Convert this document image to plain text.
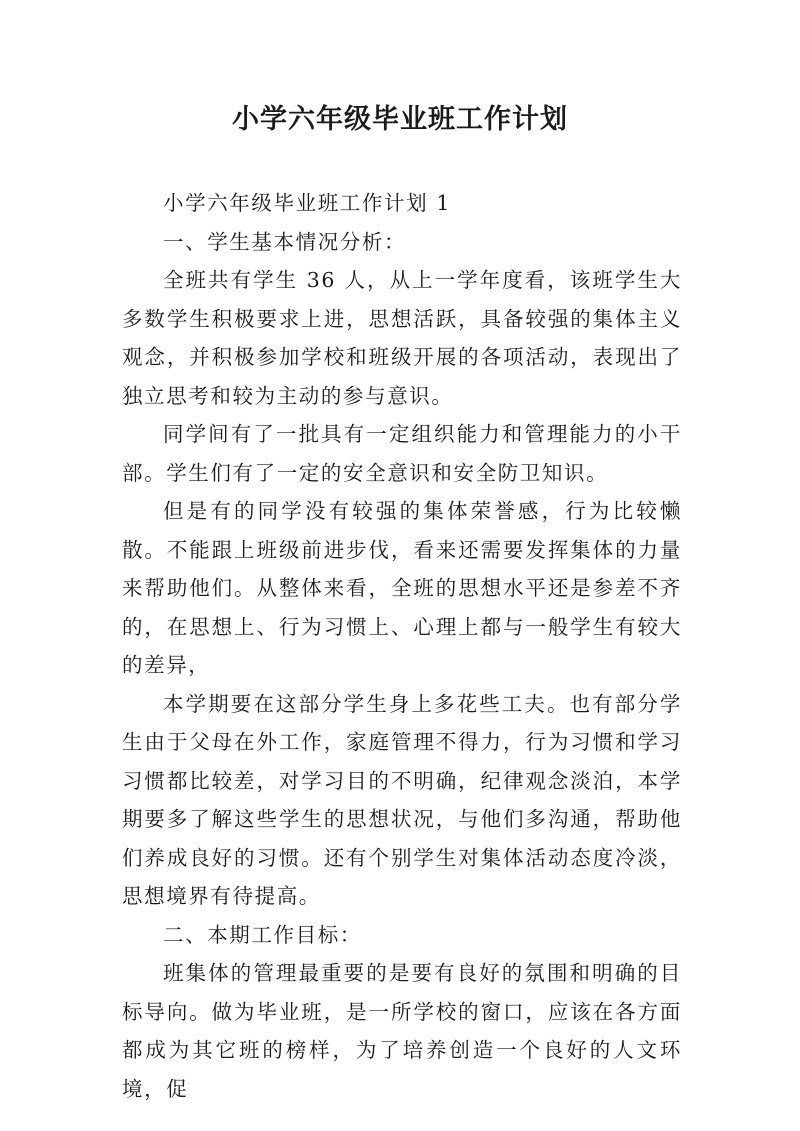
小学六年级毕业班工作计划

小学六年级毕业班工作计划 1

一、学生基本情况分析：

全班共有学生 36 人，从上一学年度看，该班学生大多数学生积极要求上进，思想活跃，具备较强的集体主义观念，并积极参加学校和班级开展的各项活动，表现出了独立思考和较为主动的参与意识。

同学间有了一批具有一定组织能力和管理能力的小干部。学生们有了一定的安全意识和安全防卫知识。

但是有的同学没有较强的集体荣誉感，行为比较懒散。不能跟上班级前进步伐，看来还需要发挥集体的力量来帮助他们。从整体来看，全班的思想水平还是参差不齐的，在思想上、行为习惯上、心理上都与一般学生有较大的差异，

本学期要在这部分学生身上多花些工夫。也有部分学生由于父母在外工作，家庭管理不得力，行为习惯和学习习惯都比较差，对学习目的不明确，纪律观念淡泊，本学期要多了解这些学生的思想状况，与他们多沟通，帮助他们养成良好的习惯。还有个别学生对集体活动态度冷淡，思想境界有待提高。

二、本期工作目标：

班集体的管理最重要的是要有良好的氛围和明确的目标导向。做为毕业班，是一所学校的窗口，应该在各方面都成为其它班的榜样，为了培养创造一个良好的人文环境，促
